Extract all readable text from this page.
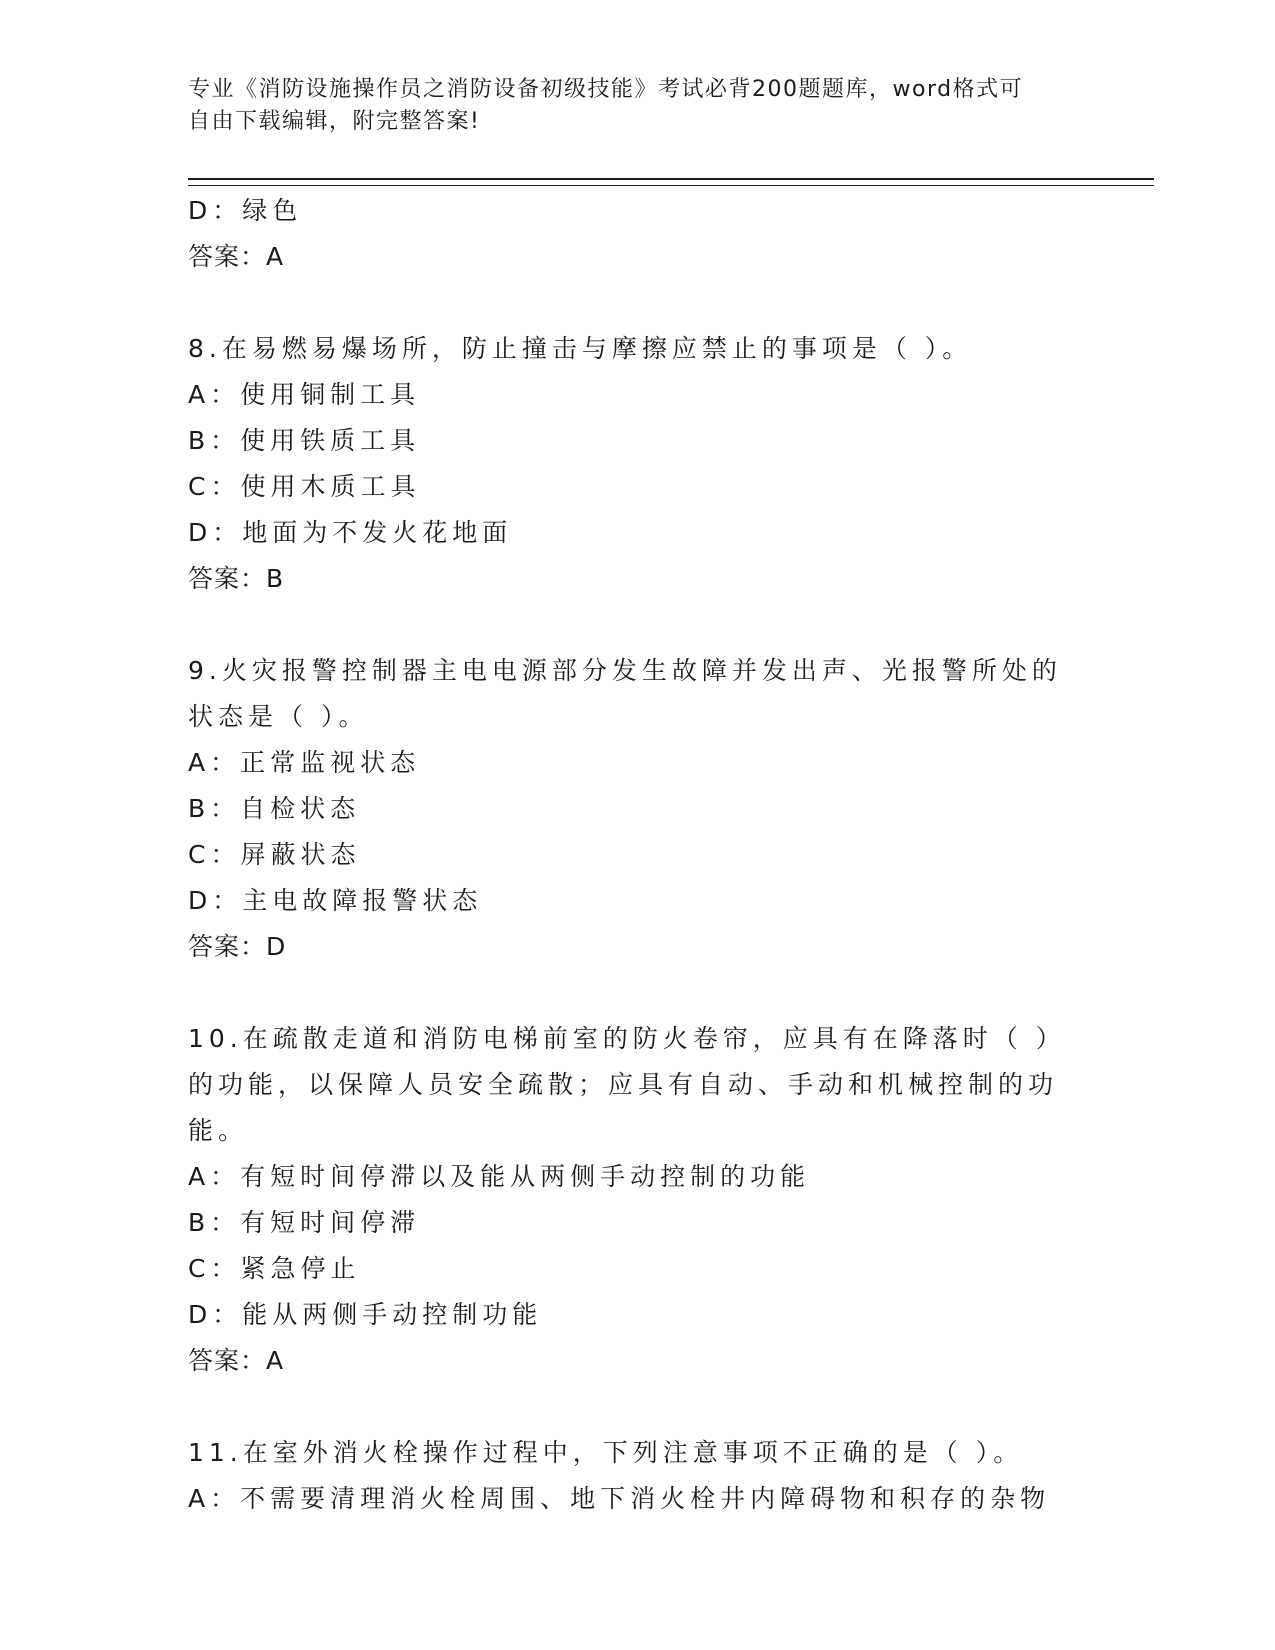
专业《消防设施操作员之消防设备初级技能》考试必背200题题库，word格式可
自由下载编辑，附完整答案!
D：绿色
答案：A
8.在易燃易爆场所，防止撞击与摩擦应禁止的事项是（ ）。
A：使用铜制工具
B：使用铁质工具
C：使用木质工具
D：地面为不发火花地面
答案：B
9.火灾报警控制器主电电源部分发生故障并发出声、光报警所处的状态是（ ）。
A：正常监视状态
B：自检状态
C：屏蔽状态
D：主电故障报警状态
答案：D
10.在疏散走道和消防电梯前室的防火卷帘，应具有在降落时（ ）的功能，以保障人员安全疏散；应具有自动、手动和机械控制的功能。
A：有短时间停滞以及能从两侧手动控制的功能
B：有短时间停滞
C：紧急停止
D：能从两侧手动控制功能
答案：A
11.在室外消火栓操作过程中，下列注意事项不正确的是（ ）。
A：不需要清理消火栓周围、地下消火栓井内障碍物和积存的杂物
